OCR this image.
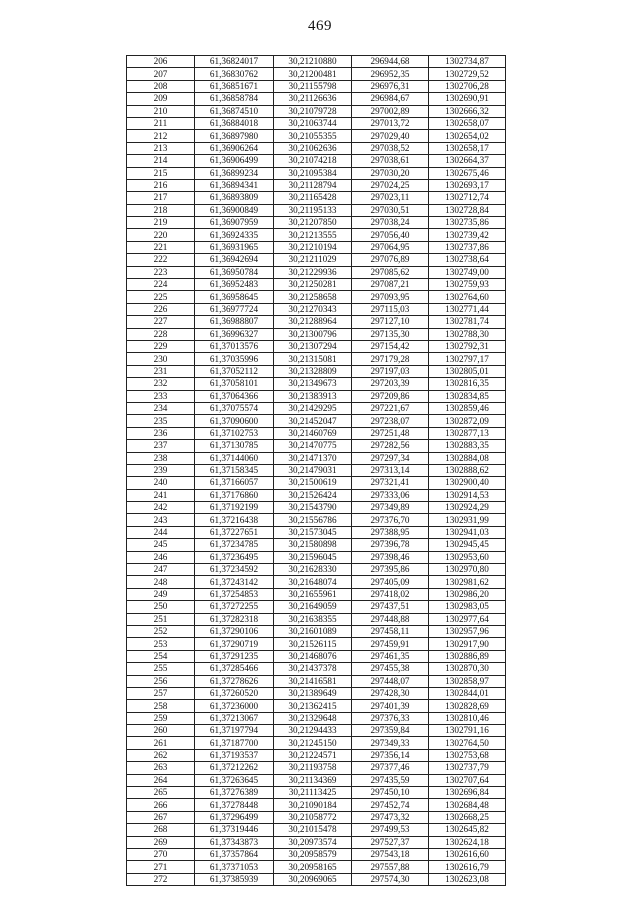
469
206	61,36824017	30,21210880	296944,68	1302734,87
207	61,36830762	30,21200481	296952,35	1302729,52
208	61,36851671	30,21155798	296976,31	1302706,28
209	61,36858784	30,21126636	296984,67	1302690,91
210	61,36874510	30,21079728	297002,89	1302666,32
211	61,36884018	30,21063744	297013,72	1302658,07
212	61,36897980	30,21055355	297029,40	1302654,02
213	61,36906264	30,21062636	297038,52	1302658,17
214	61,36906499	30,21074218	297038,61	1302664,37
215	61,36899234	30,21095384	297030,20	1302675,46
216	61,36894341	30,21128794	297024,25	1302693,17
217	61,36893809	30,21165428	297023,11	1302712,74
218	61,36900849	30,21195133	297030,51	1302728,84
219	61,36907959	30,21207850	297038,24	1302735,86
220	61,36924335	30,21213555	297056,40	1302739,42
221	61,36931965	30,21210194	297064,95	1302737,86
222	61,36942694	30,21211029	297076,89	1302738,64
223	61,36950784	30,21229936	297085,62	1302749,00
224	61,36952483	30,21250281	297087,21	1302759,93
225	61,36958645	30,21258658	297093,95	1302764,60
226	61,36977724	30,21270343	297115,03	1302771,44
227	61,36988807	30,21288964	297127,10	1302781,74
228	61,36996327	30,21300796	297135,30	1302788,30
229	61,37013576	30,21307294	297154,42	1302792,31
230	61,37035996	30,21315081	297179,28	1302797,17
231	61,37052112	30,21328809	297197,03	1302805,01
232	61,37058101	30,21349673	297203,39	1302816,35
233	61,37064366	30,21383913	297209,86	1302834,85
234	61,37075574	30,21429295	297221,67	1302859,46
235	61,37090600	30,21452047	297238,07	1302872,09
236	61,37102753	30,21460769	297251,48	1302877,13
237	61,37130785	30,21470775	297282,56	1302883,35
238	61,37144060	30,21471370	297297,34	1302884,08
239	61,37158345	30,21479031	297313,14	1302888,62
240	61,37166057	30,21500619	297321,41	1302900,40
241	61,37176860	30,21526424	297333,06	1302914,53
242	61,37192199	30,21543790	297349,89	1302924,29
243	61,37216438	30,21556786	297376,70	1302931,99
244	61,37227651	30,21573045	297388,95	1302941,03
245	61,37234785	30,21580898	297396,78	1302945,45
246	61,37236495	30,21596045	297398,46	1302953,60
247	61,37234592	30,21628330	297395,86	1302970,80
248	61,37243142	30,21648074	297405,09	1302981,62
249	61,37254853	30,21655961	297418,02	1302986,20
250	61,37272255	30,21649059	297437,51	1302983,05
251	61,37282318	30,21638355	297448,88	1302977,64
252	61,37290106	30,21601089	297458,11	1302957,96
253	61,37290719	30,21526115	297459,91	1302917,90
254	61,37291235	30,21468076	297461,35	1302886,89
255	61,37285466	30,21437378	297455,38	1302870,30
256	61,37278626	30,21416581	297448,07	1302858,97
257	61,37260520	30,21389649	297428,30	1302844,01
258	61,37236000	30,21362415	297401,39	1302828,69
259	61,37213067	30,21329648	297376,33	1302810,46
260	61,37197794	30,21294433	297359,84	1302791,16
261	61,37187700	30,21245150	297349,33	1302764,50
262	61,37193537	30,21224571	297356,14	1302753,68
263	61,37212262	30,21193758	297377,46	1302737,79
264	61,37263645	30,21134369	297435,59	1302707,64
265	61,37276389	30,21113425	297450,10	1302696,84
266	61,37278448	30,21090184	297452,74	1302684,48
267	61,37296499	30,21058772	297473,32	1302668,25
268	61,37319446	30,21015478	297499,53	1302645,82
269	61,37343873	30,20973574	297527,37	1302624,18
270	61,37357864	30,20958579	297543,18	1302616,60
271	61,37371053	30,20958165	297557,88	1302616,79
272	61,37385939	30,20969065	297574,30	1302623,08
